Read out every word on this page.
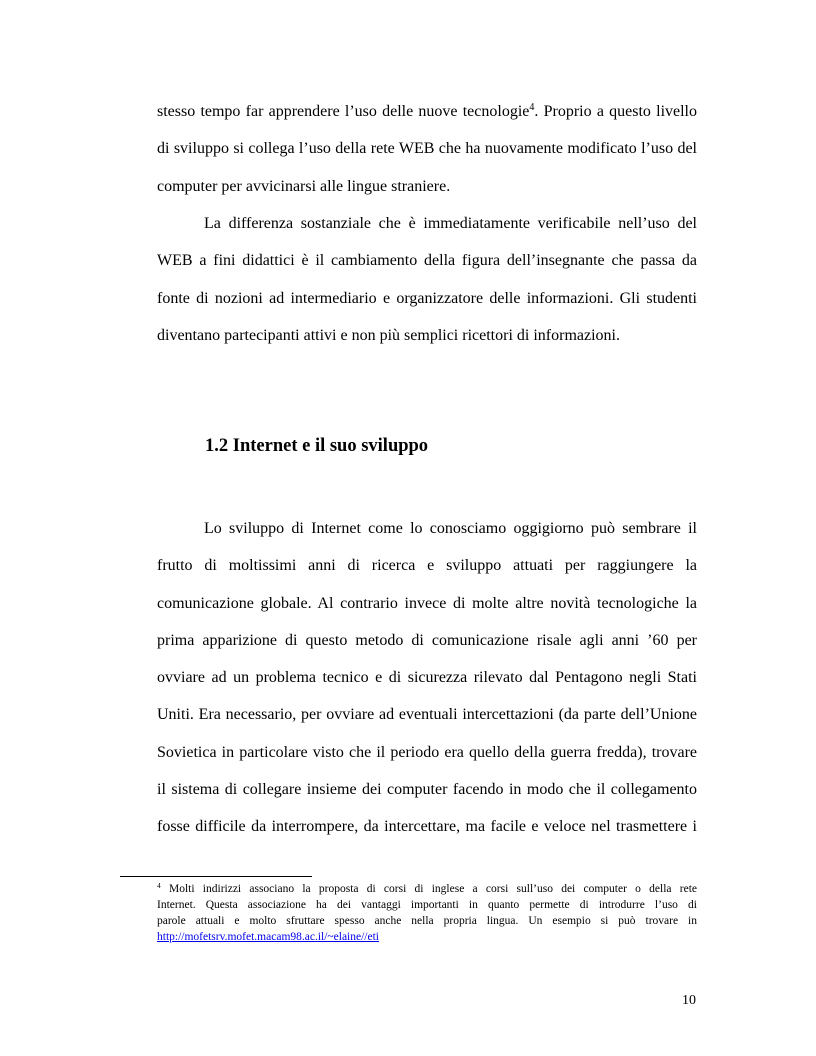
stesso tempo far apprendere l’uso delle nuove tecnologie$^4$. Proprio a questo livello
di sviluppo si collega l’uso della rete WEB che ha nuovamente modificato l’uso del
computer per avvicinarsi alle lingue straniere.
La differenza sostanziale che è immediatamente verificabile nell’uso del
WEB a fini didattici è il cambiamento della figura dell’insegnante che passa da
fonte di nozioni ad intermediario e organizzatore delle informazioni. Gli studenti
diventano partecipanti attivi e non più semplici ricettori di informazioni.
1.2 Internet e il suo sviluppo
Lo sviluppo di Internet come lo conosciamo oggigiorno può sembrare il
frutto di moltissimi anni di ricerca e sviluppo attuati per raggiungere la
comunicazione globale. Al contrario invece di molte altre novità tecnologiche la
prima apparizione di questo metodo di comunicazione risale agli anni ’60 per
ovviare ad un problema tecnico e di sicurezza rilevato dal Pentagono negli Stati
Uniti. Era necessario, per ovviare ad eventuali intercettazioni (da parte dell’Unione
Sovietica in particolare visto che il periodo era quello della guerra fredda), trovare
il sistema di collegare insieme dei computer facendo in modo che il collegamento
fosse difficile da interrompere, da intercettare, ma facile e veloce nel trasmettere i
$^4$ Molti indirizzi associano la proposta di corsi di inglese a corsi sull’uso dei computer o della rete
Internet. Questa associazione ha dei vantaggi importanti in quanto permette di introdurre l’uso di
parole attuali e molto sfruttare spesso anche nella propria lingua. Un esempio si può trovare in
http://mofetsrv.mofet.macam98.ac.il/~elaine//eti
10
